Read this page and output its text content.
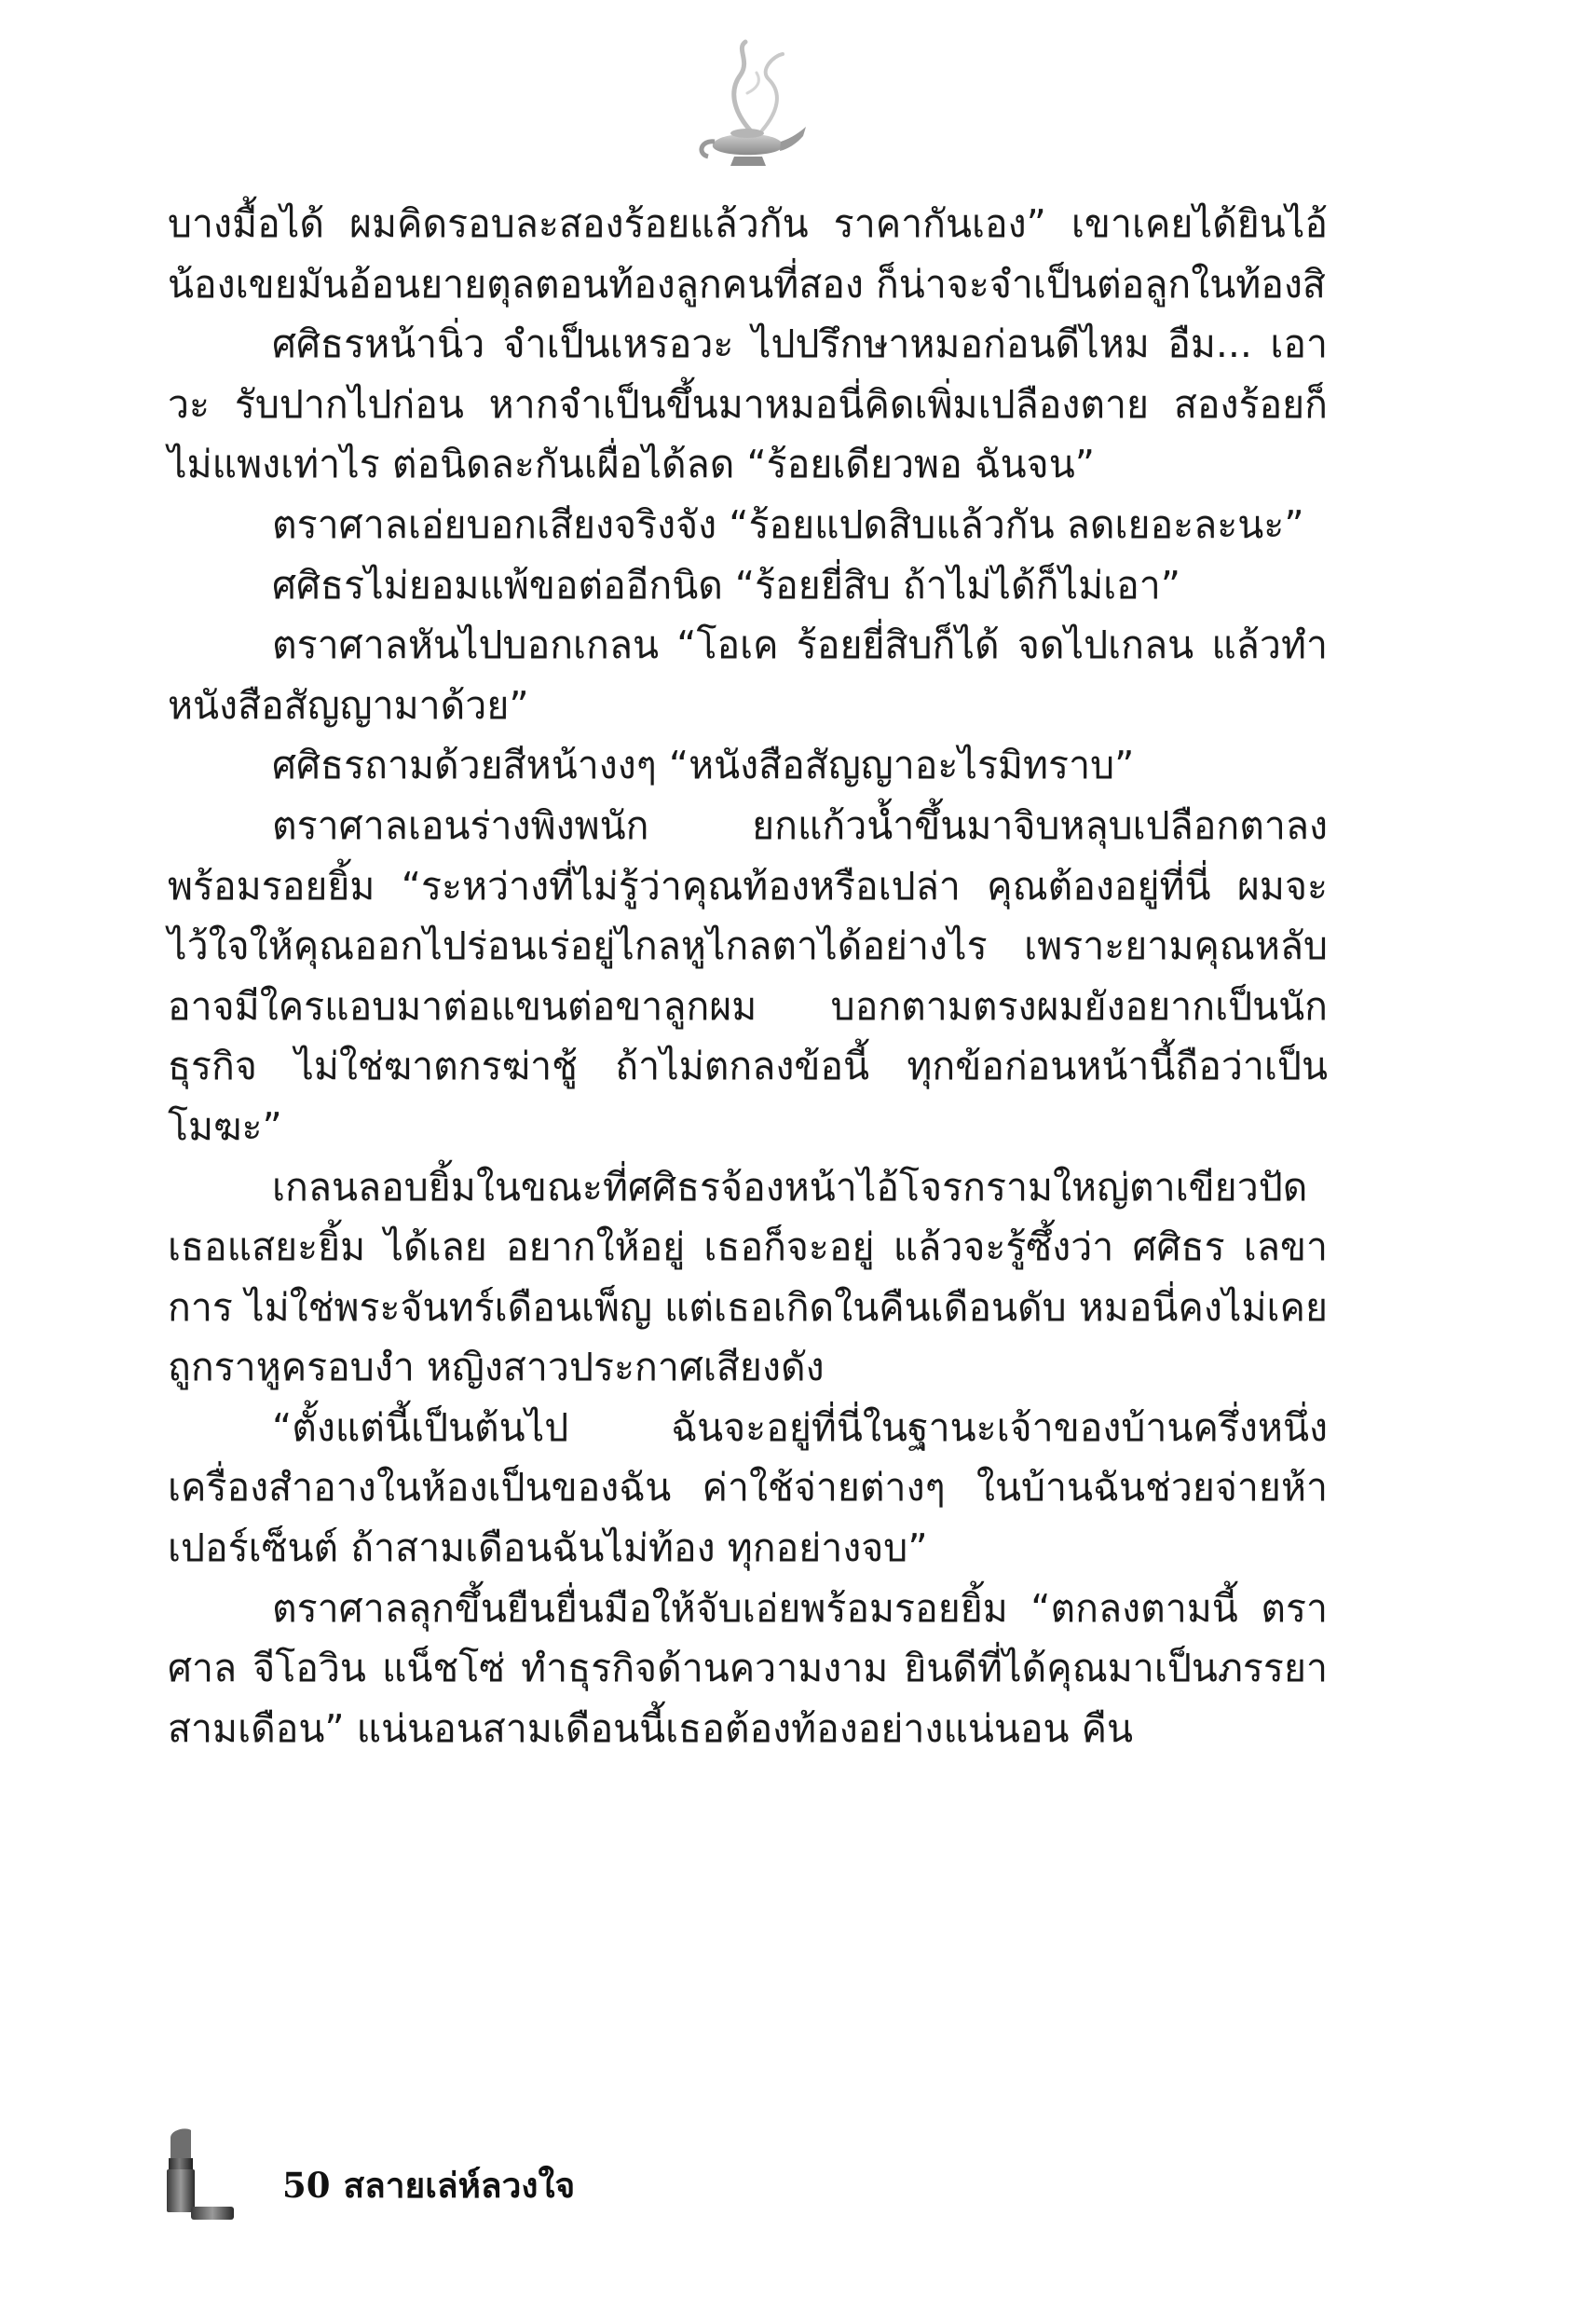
บางมื้อได้ ผมคิดรอบละสองร้อยแล้วกัน ราคากันเอง” เขาเคยได้ยินไอ้น้องเขยมันอ้อนยายตุลตอนท้องลูกคนที่สอง ก็น่าจะจำเป็นต่อลูกในท้องสิ

ศศิธรหน้านิ่ว จำเป็นเหรอวะ ไปปรึกษาหมอก่อนดีไหม อืม... เอาวะ รับปากไปก่อน หากจำเป็นขึ้นมาหมอนี่คิดเพิ่มเปลืองตาย สองร้อยก็ไม่แพงเท่าไร ต่อนิดละกันเผื่อได้ลด “ร้อยเดียวพอ ฉันจน”

ตราศาลเอ่ยบอกเสียงจริงจัง “ร้อยแปดสิบแล้วกัน ลดเยอะละนะ”

ศศิธรไม่ยอมแพ้ขอต่ออีกนิด “ร้อยยี่สิบ ถ้าไม่ได้ก็ไม่เอา”

ตราศาลหันไปบอกเกลน “โอเค ร้อยยี่สิบก็ได้ จดไปเกลน แล้วทำหนังสือสัญญามาด้วย”

ศศิธรถามด้วยสีหน้างงๆ “หนังสือสัญญาอะไรมิทราบ”

ตราศาลเอนร่างพิงพนัก ยกแก้วน้ำขึ้นมาจิบหลุบเปลือกตาลงพร้อมรอยยิ้ม “ระหว่างที่ไม่รู้ว่าคุณท้องหรือเปล่า คุณต้องอยู่ที่นี่ ผมจะไว้ใจให้คุณออกไปร่อนเร่อยู่ไกลหูไกลตาได้อย่างไร เพราะยามคุณหลับอาจมีใครแอบมาต่อแขนต่อขาลูกผม บอกตามตรงผมยังอยากเป็นนักธุรกิจ ไม่ใช่ฆาตกรฆ่าชู้ ถ้าไม่ตกลงข้อนี้ ทุกข้อก่อนหน้านี้ถือว่าเป็นโมฆะ”

เกลนลอบยิ้มในขณะที่ศศิธรจ้องหน้าไอ้โจรกรามใหญ่ตาเขียวปัด เธอแสยะยิ้ม ได้เลย อยากให้อยู่ เธอก็จะอยู่ แล้วจะรู้ซึ้งว่า ศศิธร เลขาการ ไม่ใช่พระจันทร์เดือนเพ็ญ แต่เธอเกิดในคืนเดือนดับ หมอนี่คงไม่เคยถูกราหูครอบงำ หญิงสาวประกาศเสียงดัง

“ตั้งแต่นี้เป็นต้นไป ฉันจะอยู่ที่นี่ในฐานะเจ้าของบ้านครึ่งหนึ่ง เครื่องสำอางในห้องเป็นของฉัน ค่าใช้จ่ายต่างๆ ในบ้านฉันช่วยจ่ายห้าเปอร์เซ็นต์ ถ้าสามเดือนฉันไม่ท้อง ทุกอย่างจบ”

ตราศาลลุกขึ้นยืนยื่นมือให้จับเอ่ยพร้อมรอยยิ้ม “ตกลงตามนี้ ตราศาล จีโอวิน แน็ชโซ่ ทำธุรกิจด้านความงาม ยินดีที่ได้คุณมาเป็นภรรยาสามเดือน” แน่นอนสามเดือนนี้เธอต้องท้องอย่างแน่นอน คืน

50 สลายเล่ห์ลวงใจ
